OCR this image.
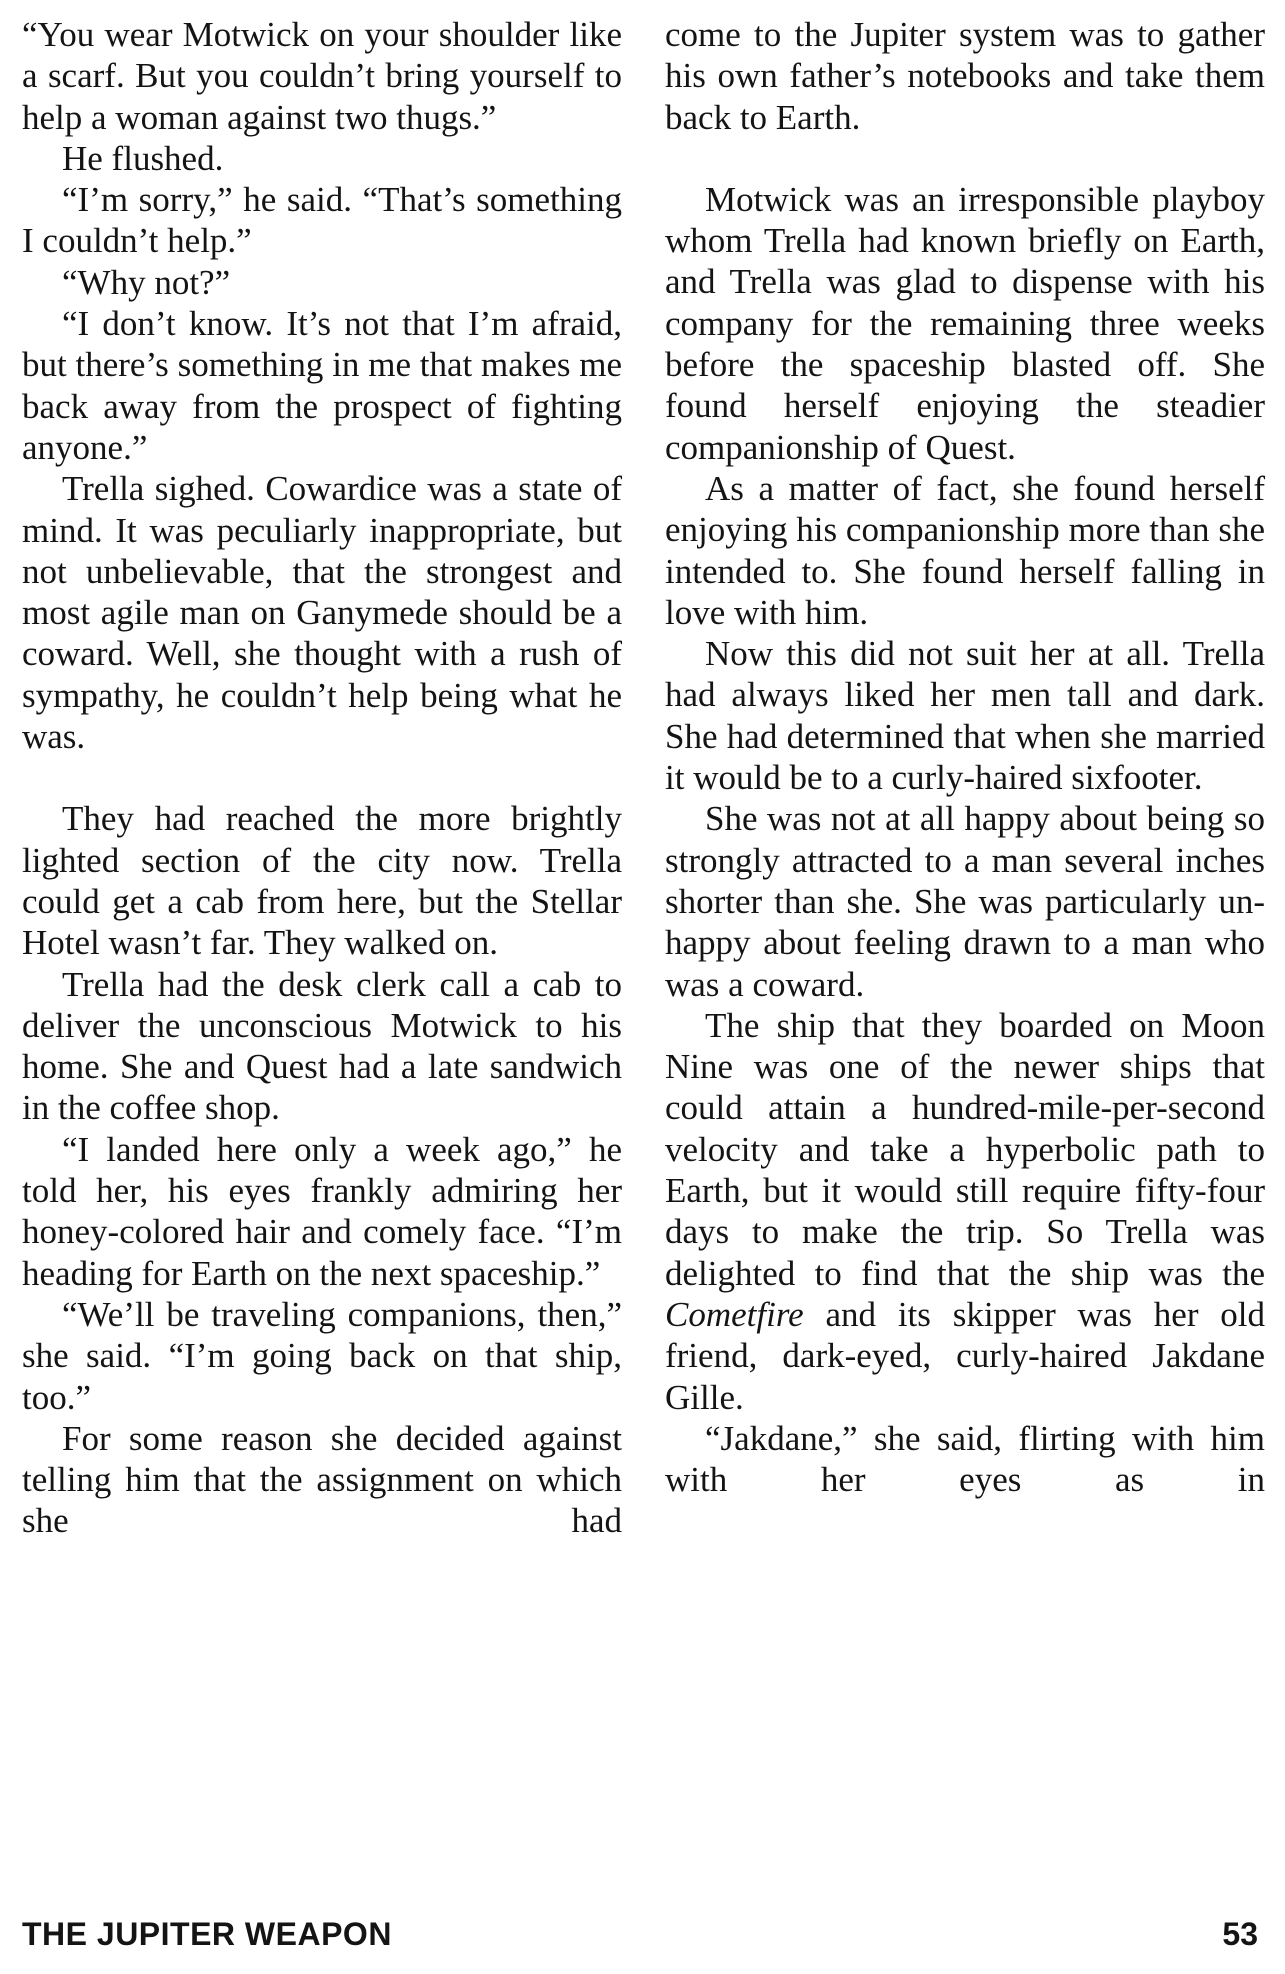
“You wear Motwick on your shoulder like a scarf. But you couldn’t bring yourself to help a woman against two thugs.”

He flushed.

“I’m sorry,” he said. “That’s something I couldn’t help.”

“Why not?”

“I don’t know. It’s not that I’m afraid, but there’s something in me that makes me back away from the prospect of fighting anyone.”

Trella sighed. Cowardice was a state of mind. It was peculiarly inappropriate, but not unbelievable, that the strongest and most agile man on Ganymede should be a coward. Well, she thought with a rush of sympathy, he couldn’t help being what he was.

They had reached the more brightly lighted section of the city now. Trella could get a cab from here, but the Stellar Hotel wasn’t far. They walked on.

Trella had the desk clerk call a cab to deliver the unconscious Motwick to his home. She and Quest had a late sandwich in the coffee shop.

“I landed here only a week ago,” he told her, his eyes frankly admiring her honey-colored hair and comely face. “I’m heading for Earth on the next spaceship.”

“We’ll be traveling companions, then,” she said. “I’m going back on that ship, too.”

For some reason she decided against telling him that the assignment on which she had

come to the Jupiter system was to gather his own father’s notebooks and take them back to Earth.

Motwick was an irresponsible playboy whom Trella had known briefly on Earth, and Trella was glad to dispense with his company for the remaining three weeks before the spaceship blasted off. She found herself enjoying the steadier companionship of Quest.

As a matter of fact, she found herself enjoying his companionship more than she intended to. She found herself falling in love with him.

Now this did not suit her at all. Trella had always liked her men tall and dark. She had determined that when she married it would be to a curly-haired sixfooter.

She was not at all happy about being so strongly attracted to a man several inches shorter than she. She was particularly unhappy about feeling drawn to a man who was a coward.

The ship that they boarded on Moon Nine was one of the newer ships that could attain a hundred-mile-per-second velocity and take a hyperbolic path to Earth, but it would still require fifty-four days to make the trip. So Trella was delighted to find that the ship was the Cometfire and its skipper was her old friend, dark-eyed, curly-haired Jakdane Gille.

“Jakdane,” she said, flirting with him with her eyes as in

THE JUPITER WEAPON	53
